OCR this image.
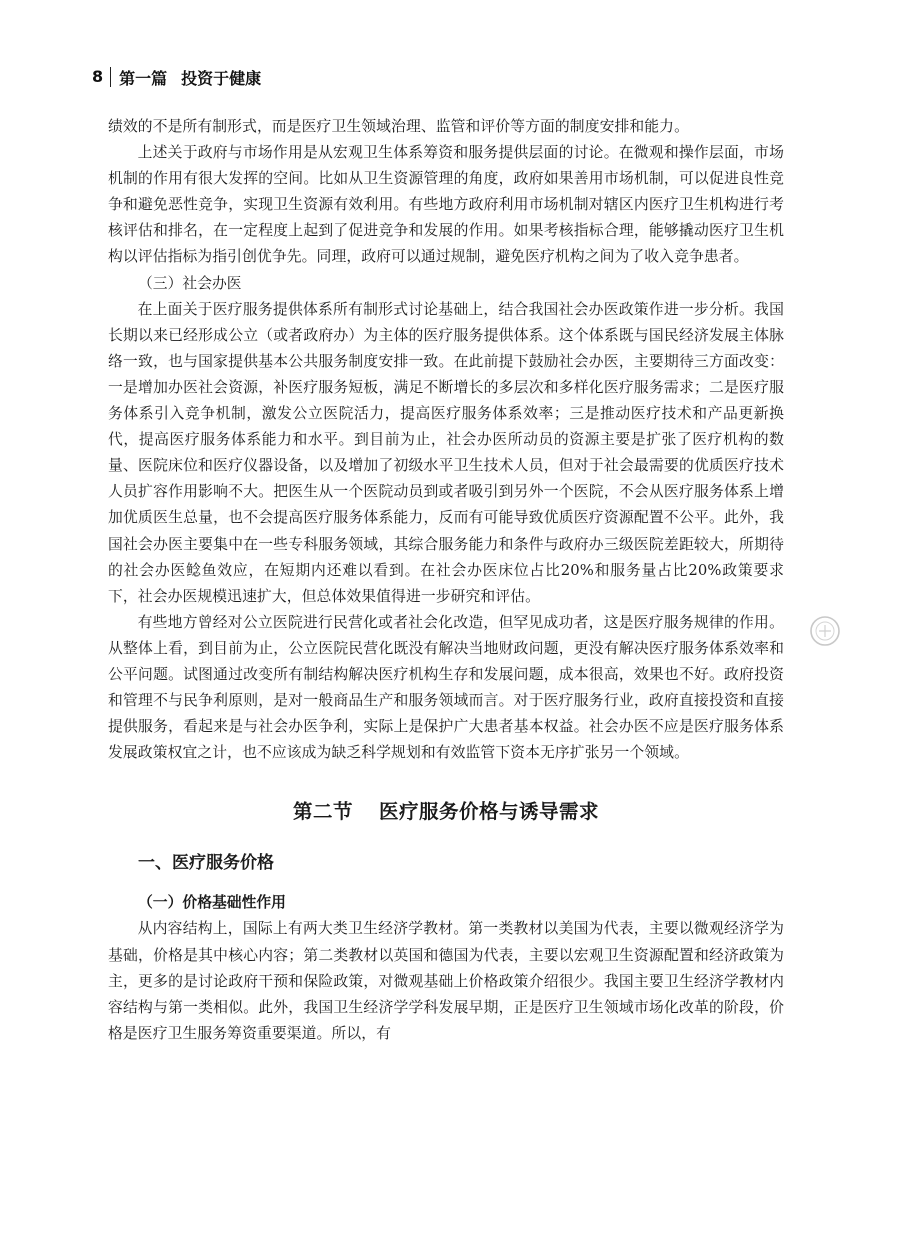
8	第一篇 投资于健康

绩效的不是所有制形式，而是医疗卫生领域治理、监管和评价等方面的制度安排和能力。

上述关于政府与市场作用是从宏观卫生体系筹资和服务提供层面的讨论。在微观和操作层面，市场机制的作用有很大发挥的空间。比如从卫生资源管理的角度，政府如果善用市场机制，可以促进良性竞争和避免恶性竞争，实现卫生资源有效利用。有些地方政府利用市场机制对辖区内医疗卫生机构进行考核评估和排名，在一定程度上起到了促进竞争和发展的作用。如果考核指标合理，能够撬动医疗卫生机构以评估指标为指引创优争先。同理，政府可以通过规制，避免医疗机构之间为了收入竞争患者。

（三）社会办医

在上面关于医疗服务提供体系所有制形式讨论基础上，结合我国社会办医政策作进一步分析。我国长期以来已经形成公立（或者政府办）为主体的医疗服务提供体系。这个体系既与国民经济发展主体脉络一致，也与国家提供基本公共服务制度安排一致。在此前提下鼓励社会办医，主要期待三方面改变：一是增加办医社会资源，补医疗服务短板，满足不断增长的多层次和多样化医疗服务需求；二是医疗服务体系引入竞争机制，激发公立医院活力，提高医疗服务体系效率；三是推动医疗技术和产品更新换代，提高医疗服务体系能力和水平。到目前为止，社会办医所动员的资源主要是扩张了医疗机构的数量、医院床位和医疗仪器设备，以及增加了初级水平卫生技术人员，但对于社会最需要的优质医疗技术人员扩容作用影响不大。把医生从一个医院动员到或者吸引到另外一个医院，不会从医疗服务体系上增加优质医生总量，也不会提高医疗服务体系能力，反而有可能导致优质医疗资源配置不公平。此外，我国社会办医主要集中在一些专科服务领域，其综合服务能力和条件与政府办三级医院差距较大，所期待的社会办医鲶鱼效应，在短期内还难以看到。在社会办医床位占比20%和服务量占比20%政策要求下，社会办医规模迅速扩大，但总体效果值得进一步研究和评估。

有些地方曾经对公立医院进行民营化或者社会化改造，但罕见成功者，这是医疗服务规律的作用。从整体上看，到目前为止，公立医院民营化既没有解决当地财政问题，更没有解决医疗服务体系效率和公平问题。试图通过改变所有制结构解决医疗机构生存和发展问题，成本很高，效果也不好。政府投资和管理不与民争利原则，是对一般商品生产和服务领域而言。对于医疗服务行业，政府直接投资和直接提供服务，看起来是与社会办医争利，实际上是保护广大患者基本权益。社会办医不应是医疗服务体系发展政策权宜之计，也不应该成为缺乏科学规划和有效监管下资本无序扩张另一个领域。

第二节 医疗服务价格与诱导需求
一、医疗服务价格
（一）价格基础性作用

从内容结构上，国际上有两大类卫生经济学教材。第一类教材以美国为代表，主要以微观经济学为基础，价格是其中核心内容；第二类教材以英国和德国为代表，主要以宏观卫生资源配置和经济政策为主，更多的是讨论政府干预和保险政策，对微观基础上价格政策介绍很少。我国主要卫生经济学教材内容结构与第一类相似。此外，我国卫生经济学学科发展早期，正是医疗卫生领域市场化改革的阶段，价格是医疗卫生服务筹资重要渠道。所以，有
